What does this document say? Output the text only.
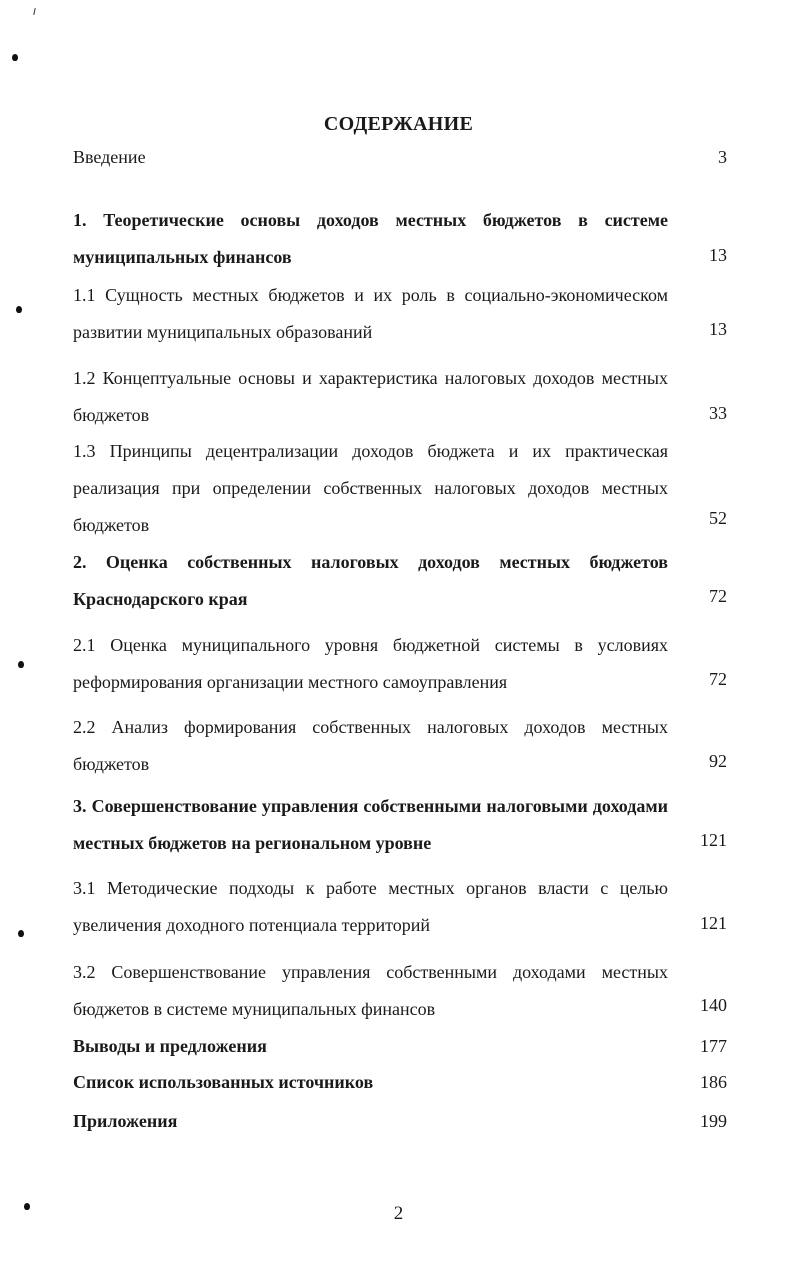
СОДЕРЖАНИЕ
Введение	3
1. Теоретические основы доходов местных бюджетов в системе муниципальных финансов	13
1.1 Сущность местных бюджетов и их роль в социально-экономическом развитии муниципальных образований	13
1.2 Концептуальные основы и характеристика налоговых доходов местных бюджетов	33
1.3 Принципы децентрализации доходов бюджета и их практическая реализация при определении собственных налоговых доходов местных бюджетов	52
2. Оценка собственных налоговых доходов местных бюджетов Краснодарского края	72
2.1 Оценка муниципального уровня бюджетной системы в условиях реформирования организации местного самоуправления	72
2.2 Анализ формирования собственных налоговых доходов местных бюджетов	92
3. Совершенствование управления собственными налоговыми доходами местных бюджетов на региональном уровне	121
3.1 Методические подходы к работе местных органов власти с целью увеличения доходного потенциала территорий	121
3.2 Совершенствование управления собственными доходами местных бюджетов в системе муниципальных финансов	140
Выводы и предложения	177
Список использованных источников	186
Приложения	199
2
